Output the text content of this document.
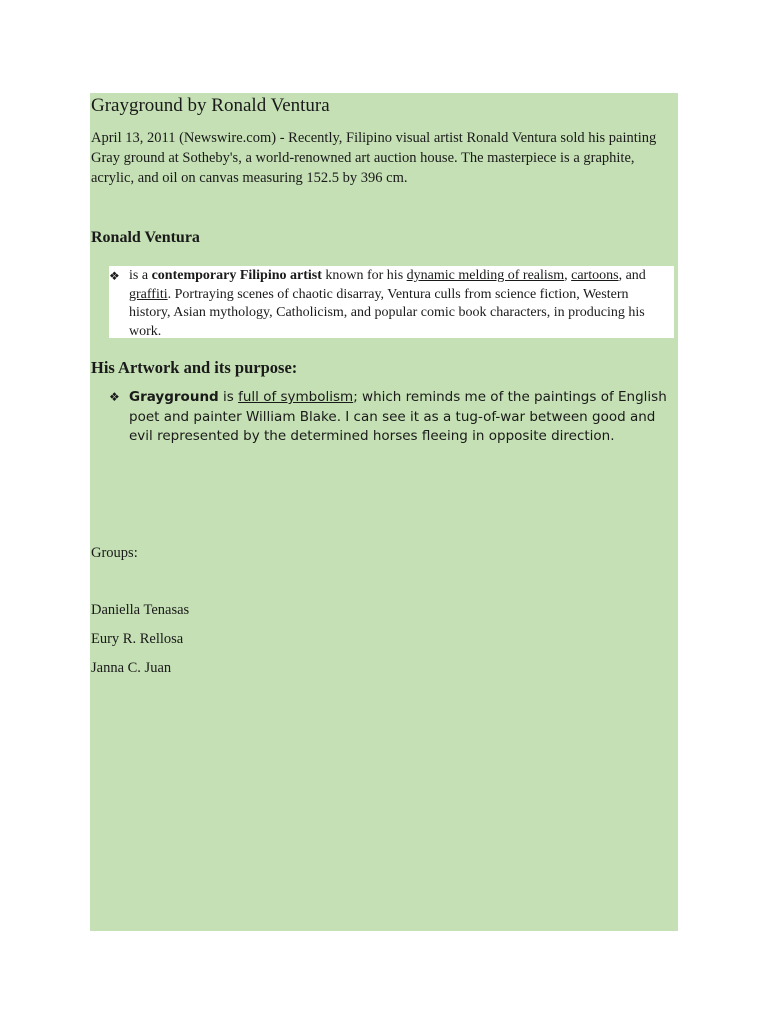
Grayground by Ronald Ventura

April 13, 2011 (Newswire.com) - Recently, Filipino visual artist Ronald Ventura sold his painting Gray ground at Sotheby's, a world-renowned art auction house. The masterpiece is a graphite, acrylic, and oil on canvas measuring 152.5 by 396 cm.

Ronald Ventura
❖ is a contemporary Filipino artist known for his dynamic melding of realism, cartoons, and graffiti. Portraying scenes of chaotic disarray, Ventura culls from science fiction, Western history, Asian mythology, Catholicism, and popular comic book characters, in producing his work.
His Artwork and its purpose:
❖ Grayground is full of symbolism; which reminds me of the paintings of English poet and painter William Blake. I can see it as a tug-of-war between good and evil represented by the determined horses fleeing in opposite direction.
Groups:
Daniella Tenasas
Eury R. Rellosa
Janna C. Juan
